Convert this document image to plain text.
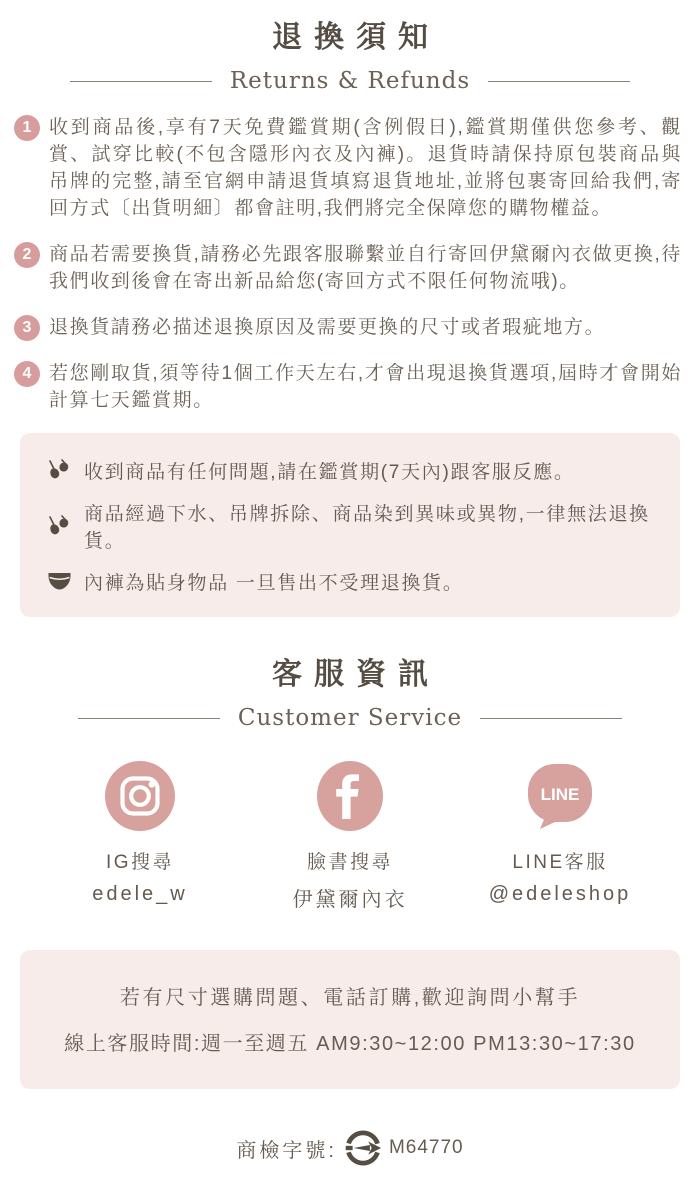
退換須知
Returns & Refunds
1 收到商品後,享有7天免費鑑賞期(含例假日),鑑賞期僅供您參考、觀賞、試穿比較(不包含隱形內衣及內褲)。退貨時請保持原包裝商品與吊牌的完整,請至官網申請退貨填寫退貨地址,並將包裹寄回給我們,寄回方式〔出貨明細〕都會註明,我們將完全保障您的購物權益。

2 商品若需要換貨,請務必先跟客服聯繫並自行寄回伊黛爾內衣做更換,待我們收到後會在寄出新品給您(寄回方式不限任何物流哦)。

3 退換貨請務必描述退換原因及需要更換的尺寸或者瑕疵地方。

4 若您剛取貨,須等待1個工作天左右,才會出現退換貨選項,屆時才會開始計算七天鑑賞期。

收到商品有任何問題,請在鑑賞期(7天內)跟客服反應。
商品經過下水、吊牌拆除、商品染到異味或異物,一律無法退換貨。
內褲為貼身物品 一旦售出不受理退換貨。
客服資訊
Customer Service
IG搜尋
edele_w
臉書搜尋
伊黛爾內衣
LINE
LINE客服
@edeleshop

若有尺寸選購問題、電話訂購,歡迎詢問小幫手

線上客服時間:週一至週五 AM9:30~12:00 PM13:30~17:30

商檢字號:	M64770
